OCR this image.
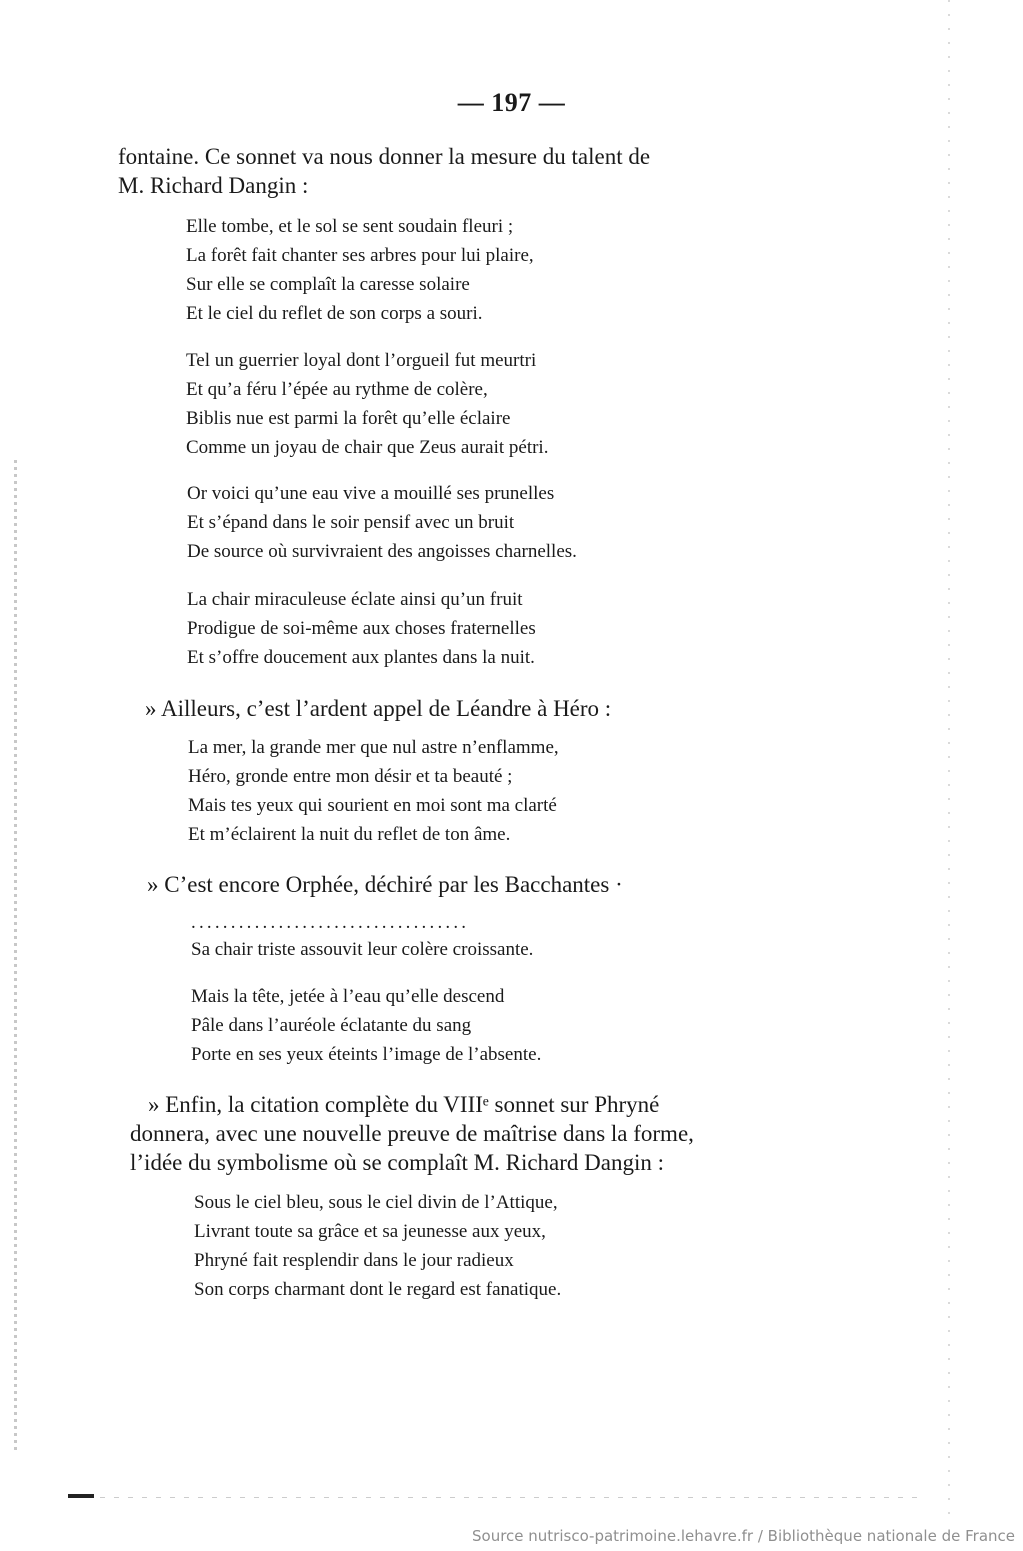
— 197 —
fontaine. Ce sonnet va nous donner la mesure du talent de
M. Richard Dangin :
Elle tombe, et le sol se sent soudain fleuri ;
La forêt fait chanter ses arbres pour lui plaire,
Sur elle se complaît la caresse solaire
Et le ciel du reflet de son corps a souri.
Tel un guerrier loyal dont l’orgueil fut meurtri
Et qu’a féru l’épée au rythme de colère,
Biblis nue est parmi la forêt qu’elle éclaire
Comme un joyau de chair que Zeus aurait pétri.
Or voici qu’une eau vive a mouillé ses prunelles
Et s’épand dans le soir pensif avec un bruit
De source où survivraient des angoisses charnelles.
La chair miraculeuse éclate ainsi qu’un fruit
Prodigue de soi-même aux choses fraternelles
Et s’offre doucement aux plantes dans la nuit.
» Ailleurs, c’est l’ardent appel de Léandre à Héro :
La mer, la grande mer que nul astre n’enflamme,
Héro, gronde entre mon désir et ta beauté ;
Mais tes yeux qui sourient en moi sont ma clarté
Et m’éclairent la nuit du reflet de ton âme.
» C’est encore Orphée, déchiré par les Bacchantes ·
...................................
Sa chair triste assouvit leur colère croissante.
Mais la tête, jetée à l’eau qu’elle descend
Pâle dans l’auréole éclatante du sang
Porte en ses yeux éteints l’image de l’absente.
» Enfin, la citation complète du VIIIᵉ sonnet sur Phryné
donnera, avec une nouvelle preuve de maîtrise dans la forme,
l’idée du symbolisme où se complaît M. Richard Dangin :
Sous le ciel bleu, sous le ciel divin de l’Attique,
Livrant toute sa grâce et sa jeunesse aux yeux,
Phryné fait resplendir dans le jour radieux
Son corps charmant dont le regard est fanatique.
Source nutrisco-patrimoine.lehavre.fr / Bibliothèque nationale de France
